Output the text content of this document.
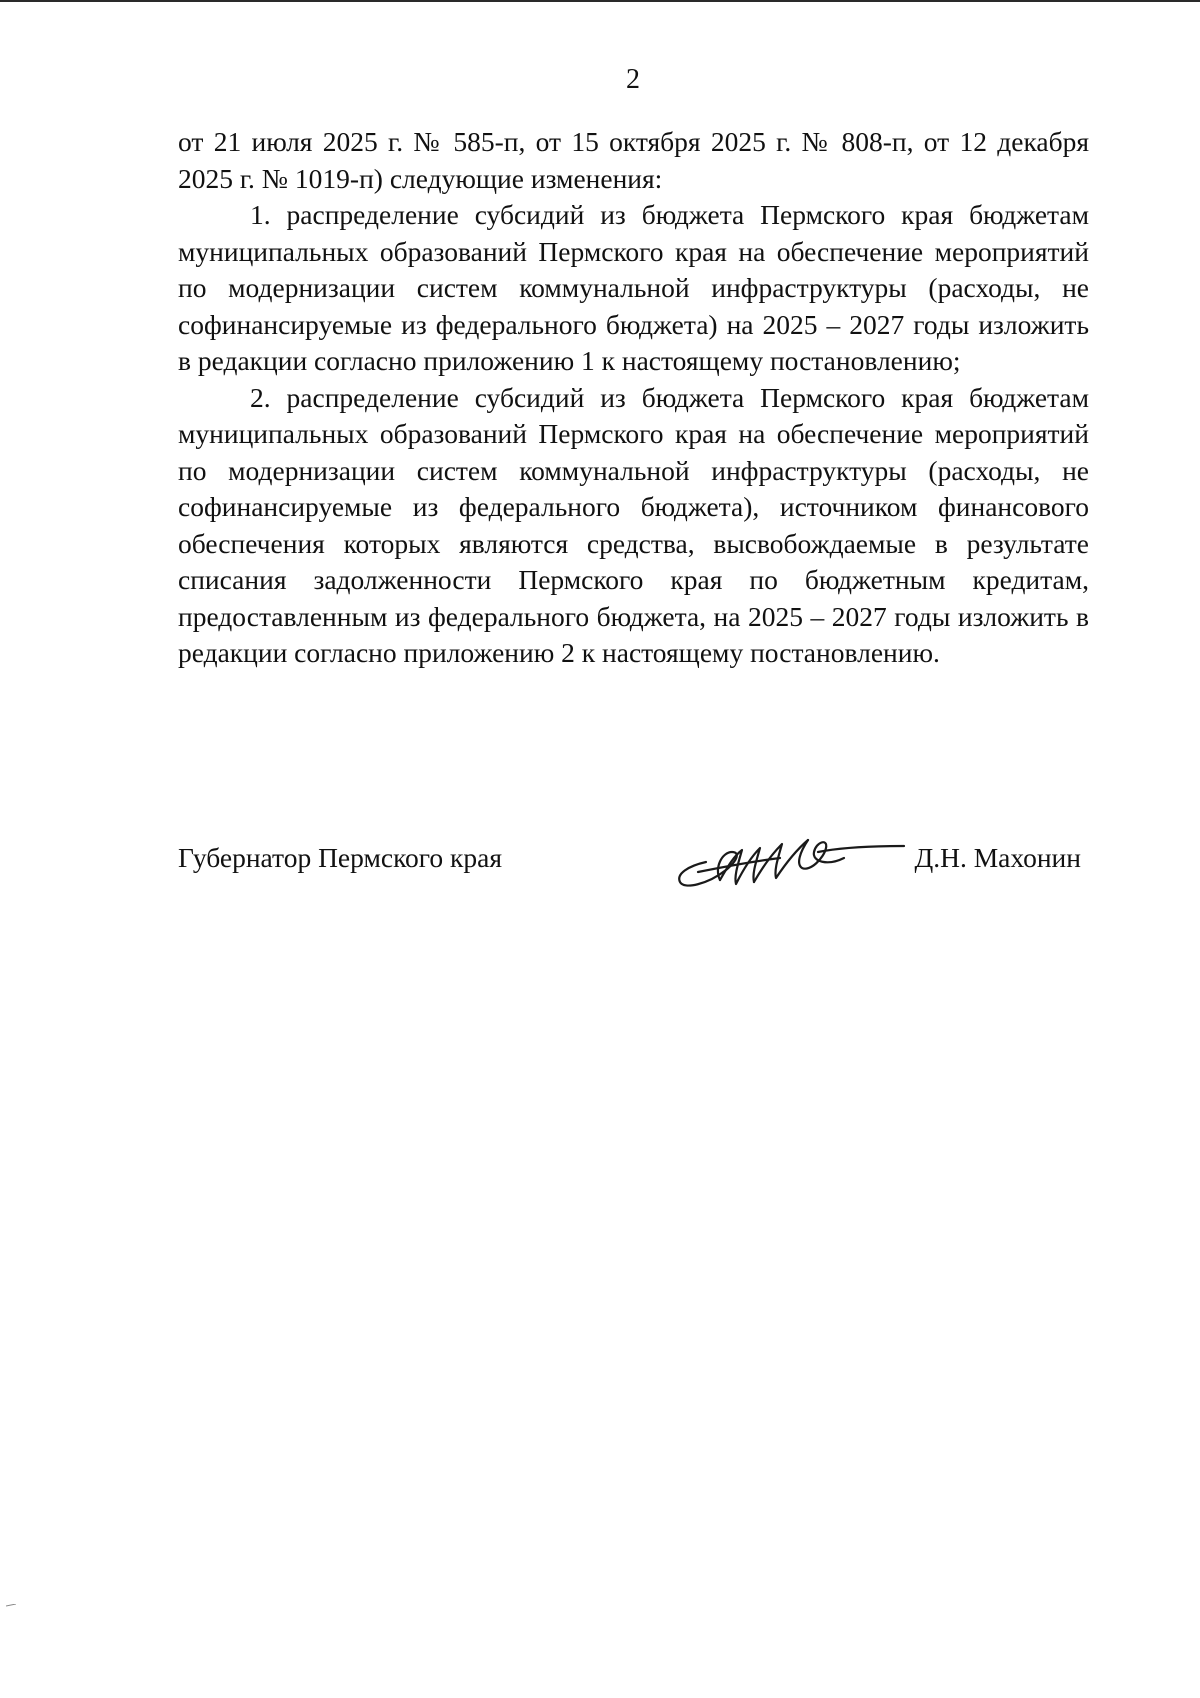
2

от 21 июля 2025 г. № 585-п, от 15 октября 2025 г. № 808-п, от 12 декабря 2025 г. № 1019-п) следующие изменения:

1. распределение субсидий из бюджета Пермского края бюджетам муниципальных образований Пермского края на обеспечение мероприятий по модернизации систем коммунальной инфраструктуры (расходы, не софинансируемые из федерального бюджета) на 2025 – 2027 годы изложить в редакции согласно приложению 1 к настоящему постановлению;

2. распределение субсидий из бюджета Пермского края бюджетам муниципальных образований Пермского края на обеспечение мероприятий по модернизации систем коммунальной инфраструктуры (расходы, не софинансируемые из федерального бюджета), источником финансового обеспечения которых являются средства, высвобождаемые в результате списания задолженности Пермского края по бюджетным кредитам, предоставленным из федерального бюджета, на 2025 – 2027 годы изложить в редакции согласно приложению 2 к настоящему постановлению.

Губернатор Пермского края	Д.Н. Махонин
